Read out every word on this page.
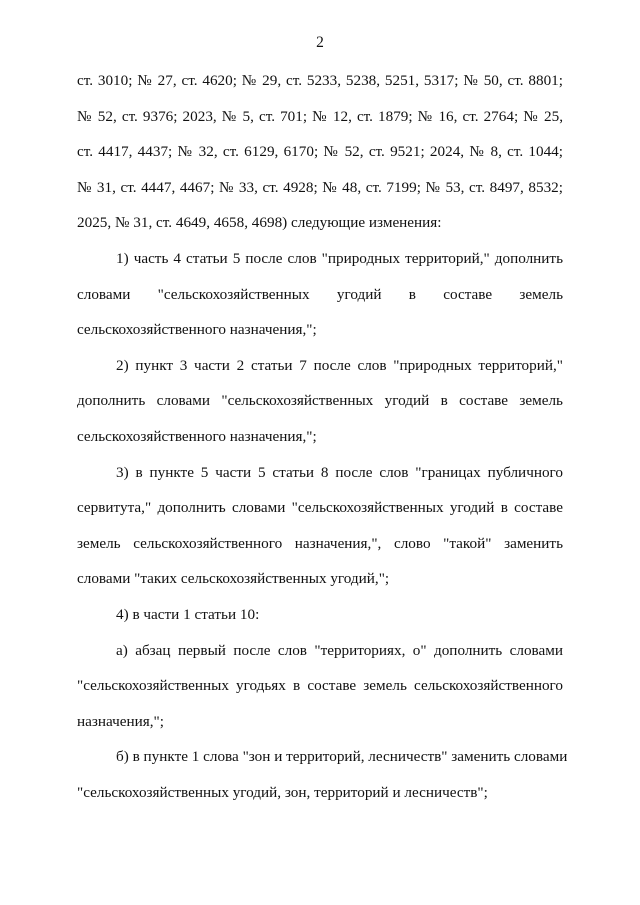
2
ст. 3010; № 27, ст. 4620; № 29, ст. 5233, 5238, 5251, 5317; № 50, ст. 8801;
№ 52, ст. 9376; 2023, № 5, ст. 701; № 12, ст. 1879; № 16, ст. 2764; № 25,
ст. 4417, 4437; № 32, ст. 6129, 6170; № 52, ст. 9521; 2024, № 8, ст. 1044;
№ 31, ст. 4447, 4467; № 33, ст. 4928; № 48, ст. 7199; № 53, ст. 8497, 8532;
2025, № 31, ст. 4649, 4658, 4698) следующие изменения:
1) часть 4 статьи 5 после слов "природных территорий," дополнить
словами "сельскохозяйственных угодий в составе земель
сельскохозяйственного назначения,";
2) пункт 3 части 2 статьи 7 после слов "природных территорий,"
дополнить словами "сельскохозяйственных угодий в составе земель
сельскохозяйственного назначения,";
3) в пункте 5 части 5 статьи 8 после слов "границах публичного
сервитута," дополнить словами "сельскохозяйственных угодий в составе
земель сельскохозяйственного назначения,", слово "такой" заменить
словами "таких сельскохозяйственных угодий,";
4) в части 1 статьи 10:
а) абзац первый после слов "территориях, о" дополнить словами
"сельскохозяйственных угодьях в составе земель сельскохозяйственного
назначения,";
б) в пункте 1 слова "зон и территорий, лесничеств" заменить словами
"сельскохозяйственных угодий, зон, территорий и лесничеств";
